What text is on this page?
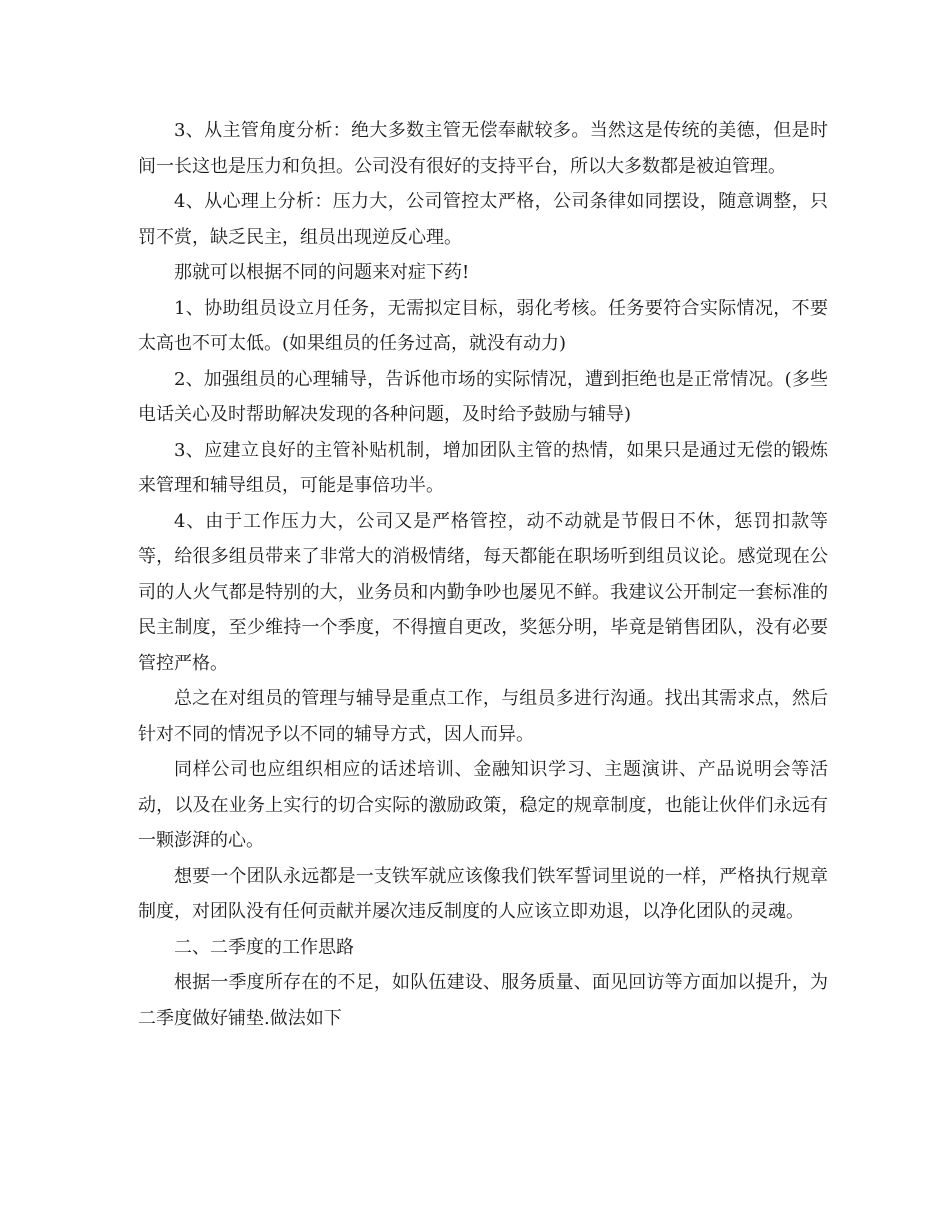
3、从主管角度分析：绝大多数主管无偿奉献较多。当然这是传统的美德，但是时间一长这也是压力和负担。公司没有很好的支持平台，所以大多数都是被迫管理。

4、从心理上分析：压力大，公司管控太严格，公司条律如同摆设，随意调整，只罚不赏，缺乏民主，组员出现逆反心理。

那就可以根据不同的问题来对症下药!

1、协助组员设立月任务，无需拟定目标，弱化考核。任务要符合实际情况，不要太高也不可太低。(如果组员的任务过高，就没有动力)

2、加强组员的心理辅导，告诉他市场的实际情况，遭到拒绝也是正常情况。(多些电话关心及时帮助解决发现的各种问题，及时给予鼓励与辅导)

3、应建立良好的主管补贴机制，增加团队主管的热情，如果只是通过无偿的锻炼来管理和辅导组员，可能是事倍功半。

4、由于工作压力大，公司又是严格管控，动不动就是节假日不休，惩罚扣款等等，给很多组员带来了非常大的消极情绪，每天都能在职场听到组员议论。感觉现在公司的人火气都是特别的大，业务员和内勤争吵也屡见不鲜。我建议公开制定一套标准的民主制度，至少维持一个季度，不得擅自更改，奖惩分明，毕竟是销售团队，没有必要管控严格。

总之在对组员的管理与辅导是重点工作，与组员多进行沟通。找出其需求点，然后针对不同的情况予以不同的辅导方式，因人而异。

同样公司也应组织相应的话述培训、金融知识学习、主题演讲、产品说明会等活动，以及在业务上实行的切合实际的激励政策，稳定的规章制度，也能让伙伴们永远有一颗澎湃的心。

想要一个团队永远都是一支铁军就应该像我们铁军誓词里说的一样，严格执行规章制度，对团队没有任何贡献并屡次违反制度的人应该立即劝退，以净化团队的灵魂。

二、二季度的工作思路

根据一季度所存在的不足，如队伍建设、服务质量、面见回访等方面加以提升，为二季度做好铺垫.做法如下
